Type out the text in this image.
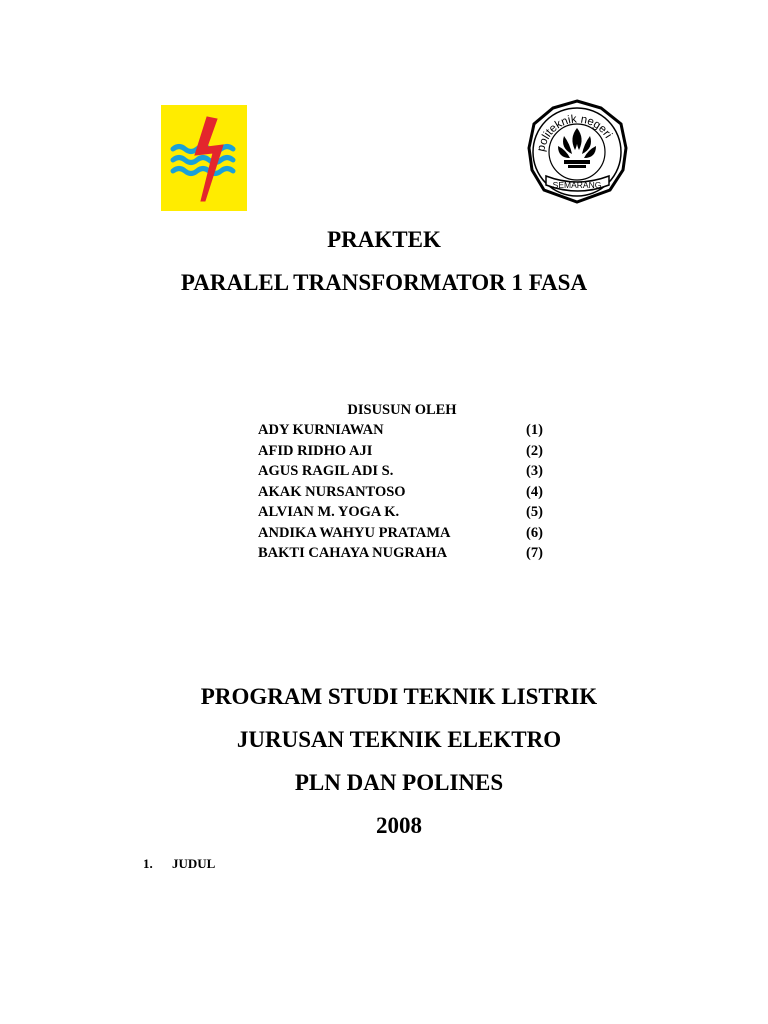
politeknik negeri
SEMARANG
PRAKTEK
PARALEL TRANSFORMATOR 1 FASA
DISUSUN OLEH
ADY KURNIAWAN	(1)
AFID RIDHO AJI	(2)
AGUS RAGIL ADI S.	(3)
AKAK NURSANTOSO	(4)
ALVIAN M. YOGA K.	(5)
ANDIKA WAHYU PRATAMA	(6)
BAKTI CAHAYA NUGRAHA	(7)
PROGRAM STUDI TEKNIK LISTRIK
JURUSAN TEKNIK ELEKTRO
PLN DAN POLINES
2008
1. JUDUL
